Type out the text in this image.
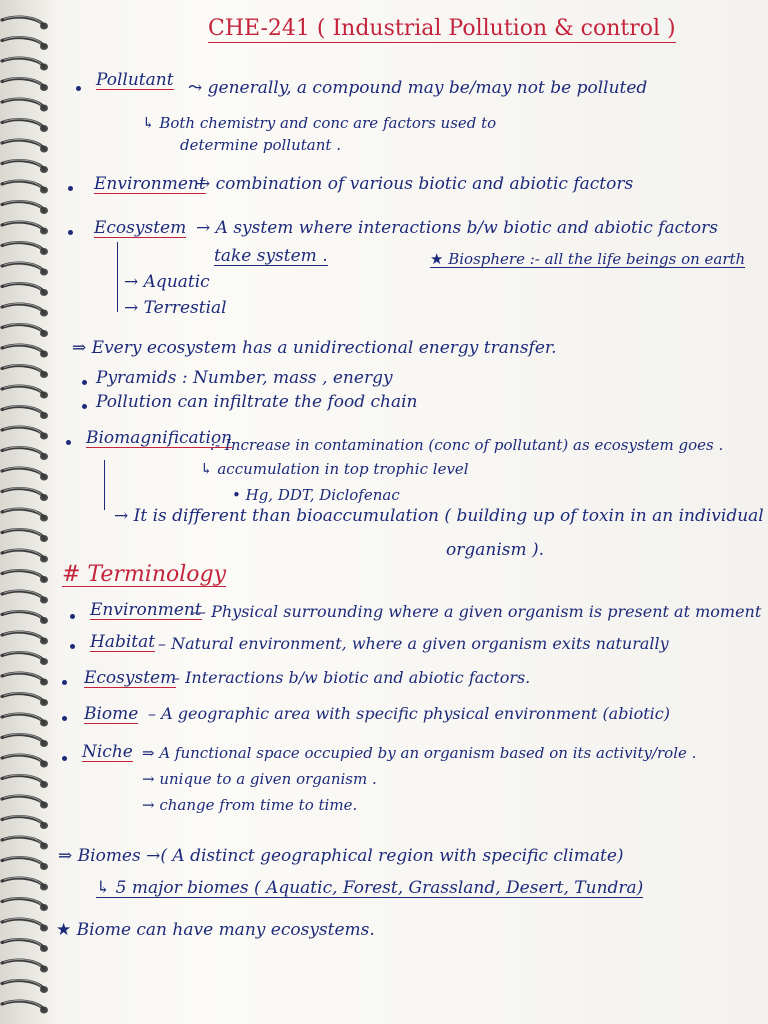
CHE-241 ( Industrial Pollution & control )
Pollutant ⤳ generally, a compound may be/may not be polluted
↳ Both chemistry and conc are factors used to
determine pollutant .
Environment
→ combination of various biotic and abiotic factors
Ecosystem → A system where interactions b/w biotic and abiotic factors
take system .	★ Biosphere :- all the life beings on earth
→ Aquatic
→ Terrestial
⇒ Every ecosystem has a unidirectional energy transfer.
Pyramids : Number, mass , energy
Pollution can infiltrate the food chain
Biomagnification
:- Increase in contamination (conc of pollutant) as ecosystem goes .
↳ accumulation in top trophic level
• Hg, DDT, Diclofenac
→ It is different than bioaccumulation ( building up of toxin in an individual
organism ).
# Terminology
Environment
— Physical surrounding where a given organism is present at moment
Habitat – Natural environment, where a given organism exits naturally
Ecosystem
– Interactions b/w biotic and abiotic factors.
Biome – A geographic area with specific physical environment (abiotic)
Niche ⇒ A functional space occupied by an organism based on its activity/role .
→ unique to a given organism .
→ change from time to time.
⇒ Biomes →( A distinct geographical region with specific climate)
↳ 5 major biomes ( Aquatic, Forest, Grassland, Desert, Tundra)
★ Biome can have many ecosystems.
